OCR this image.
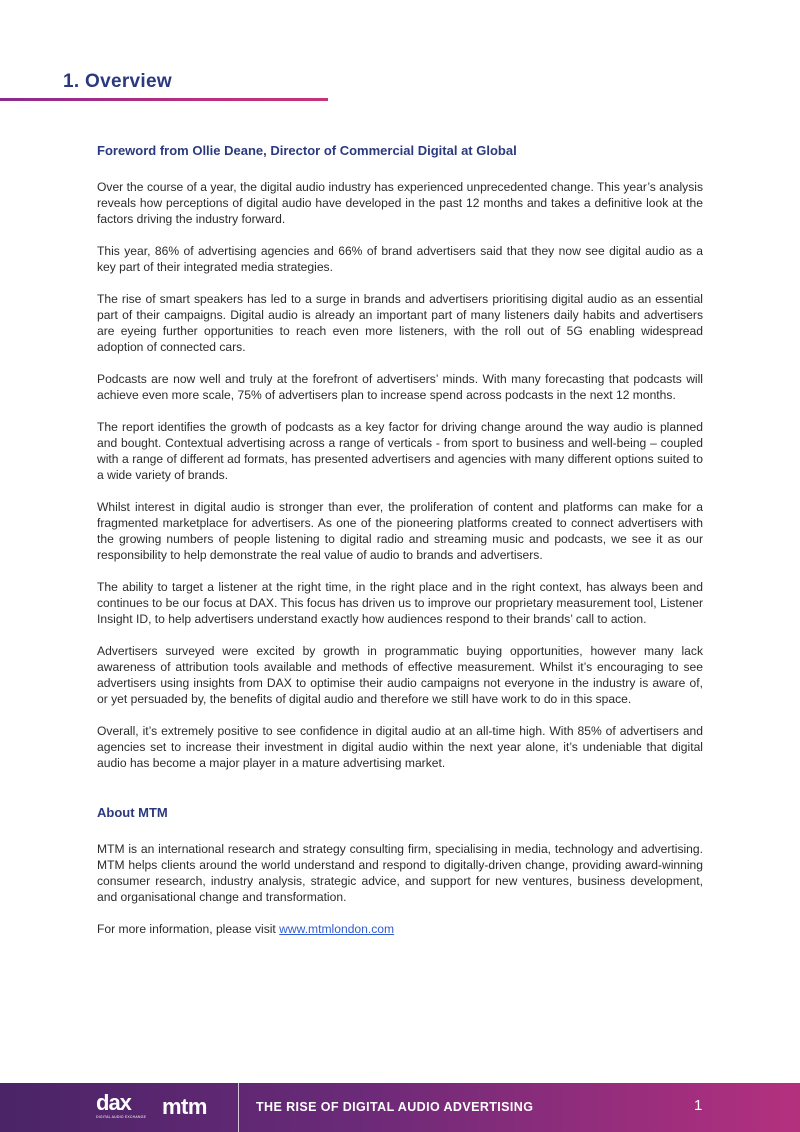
1. Overview
Foreword from Ollie Deane, Director of Commercial Digital at Global

Over the course of a year, the digital audio industry has experienced unprecedented change. This year’s analysis reveals how perceptions of digital audio have developed in the past 12 months and takes a definitive look at the factors driving the industry forward.

This year, 86% of advertising agencies and 66% of brand advertisers said that they now see digital audio as a key part of their integrated media strategies.

The rise of smart speakers has led to a surge in brands and advertisers prioritising digital audio as an essential part of their campaigns. Digital audio is already an important part of many listeners daily habits and advertisers are eyeing further opportunities to reach even more listeners, with the roll out of 5G enabling widespread adoption of connected cars.

Podcasts are now well and truly at the forefront of advertisers’ minds. With many forecasting that podcasts will achieve even more scale, 75% of advertisers plan to increase spend across podcasts in the next 12 months.

The report identifies the growth of podcasts as a key factor for driving change around the way audio is planned and bought. Contextual advertising across a range of verticals - from sport to business and well-being – coupled with a range of different ad formats, has presented advertisers and agencies with many different options suited to a wide variety of brands.

Whilst interest in digital audio is stronger than ever, the proliferation of content and platforms can make for a fragmented marketplace for advertisers. As one of the pioneering platforms created to connect advertisers with the growing numbers of people listening to digital radio and streaming music and podcasts, we see it as our responsibility to help demonstrate the real value of audio to brands and advertisers.

The ability to target a listener at the right time, in the right place and in the right context, has always been and continues to be our focus at DAX. This focus has driven us to improve our proprietary measurement tool, Listener Insight ID, to help advertisers understand exactly how audiences respond to their brands’ call to action.

Advertisers surveyed were excited by growth in programmatic buying opportunities, however many lack awareness of attribution tools available and methods of effective measurement. Whilst it’s encouraging to see advertisers using insights from DAX to optimise their audio campaigns not everyone in the industry is aware of, or yet persuaded by, the benefits of digital audio and therefore we still have work to do in this space.

Overall, it’s extremely positive to see confidence in digital audio at an all-time high. With 85% of advertisers and agencies set to increase their investment in digital audio within the next year alone, it’s undeniable that digital audio has become a major player in a mature advertising market.

About MTM

MTM is an international research and strategy consulting firm, specialising in media, technology and advertising. MTM helps clients around the world understand and respond to digitally-driven change, providing award-winning consumer research, industry analysis, strategic advice, and support for new ventures, business development, and organisational change and transformation.

For more information, please visit www.mtmlondon.com

dax
DIGITAL AUDIO EXCHANGE mtm	THE RISE OF DIGITAL AUDIO ADVERTISING	1
